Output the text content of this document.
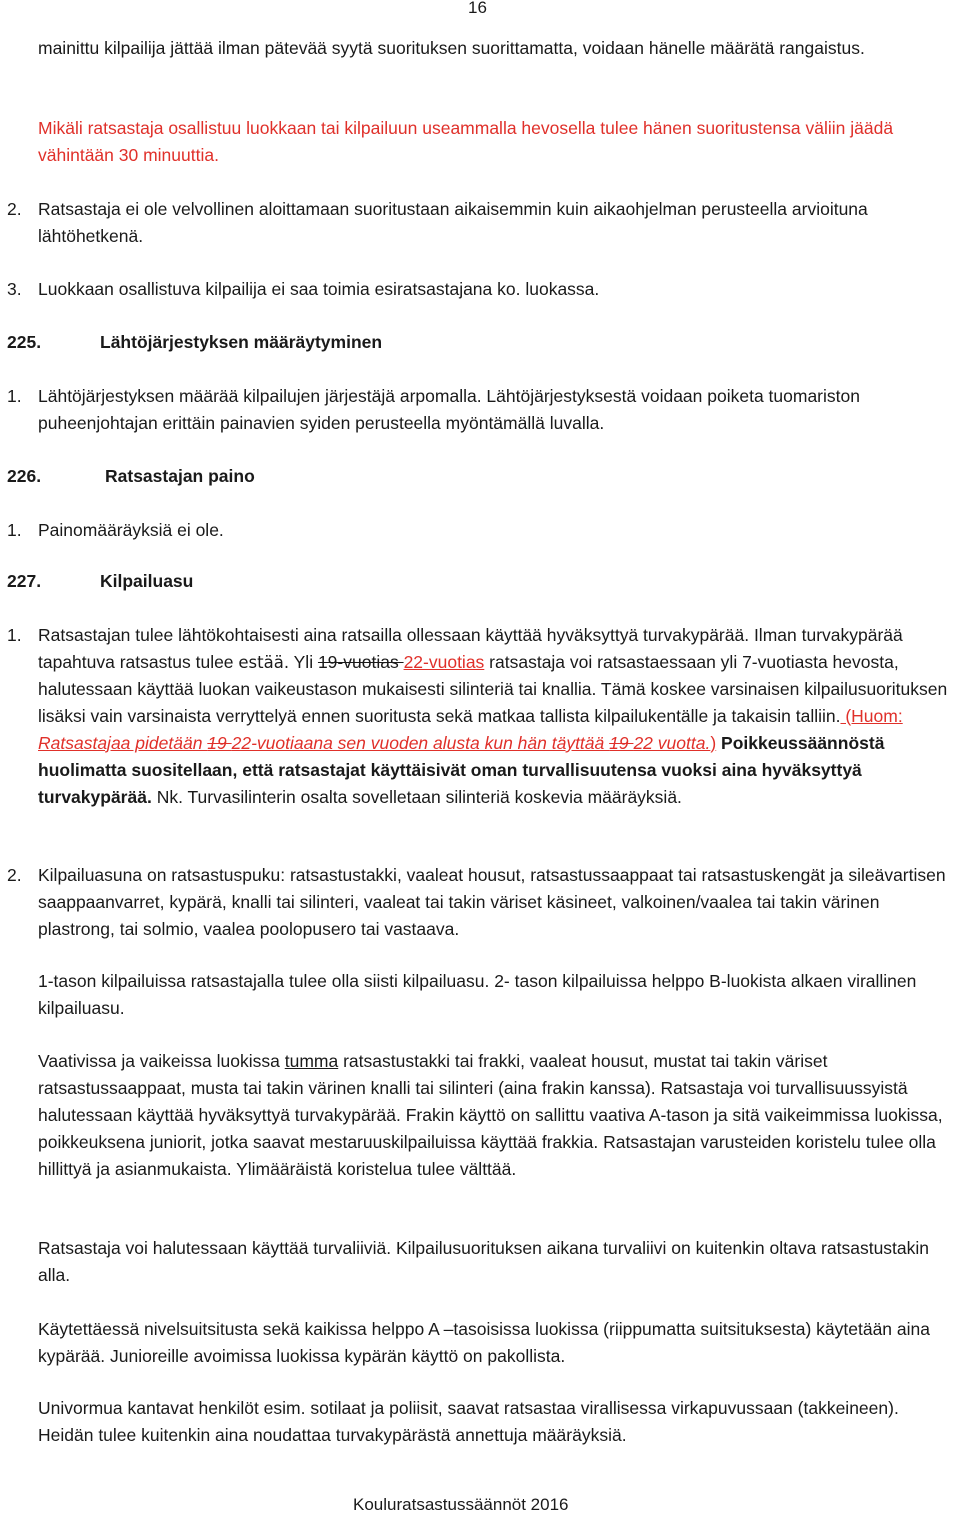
16
mainittu kilpailija jättää ilman pätevää syytä suorituksen suorittamatta, voidaan hänelle määrätä rangaistus.
Mikäli ratsastaja osallistuu luokkaan tai kilpailuun useammalla hevosella tulee hänen suoritustensa väliin jäädä vähintään 30 minuuttia.
2. Ratsastaja ei ole velvollinen aloittamaan suoritustaan aikaisemmin kuin aikaohjelman perusteella arvioituna lähtöhetkenä.
3. Luokkaan osallistuva kilpailija ei saa toimia esiratsastajana ko. luokassa.
225.	Lähtöjärjestyksen määräytyminen
1. Lähtöjärjestyksen määrää kilpailujen järjestäjä arpomalla. Lähtöjärjestyksestä voidaan poiketa tuomariston puheenjohtajan erittäin painavien syiden perusteella myöntämällä luvalla.
226.	Ratsastajan paino
1. Painomääräyksiä ei ole.
227.	Kilpailuasu
1. Ratsastajan tulee lähtökohtaisesti aina ratsailla ollessaan käyttää hyväksyttyä turvakypärää. Ilman turvakypärää tapahtuva ratsastus tulee estää. Yli 19-vuotias 22-vuotias ratsastaja voi ratsastaessaan yli 7-vuotiasta hevosta, halutessaan käyttää luokan vaikeustason mukaisesti silinteriä tai knallia. Tämä koskee varsinaisen kilpailusuorituksen lisäksi vain varsinaista verryttelyä ennen suoritusta sekä matkaa tallista kilpailukentälle ja takaisin talliin. (Huom: Ratsastajaa pidetään 19 22-vuotiaana sen vuoden alusta kun hän täyttää 19 22 vuotta.) Poikkeussäännöstä huolimatta suositellaan, että ratsastajat käyttäisivät oman turvallisuutensa vuoksi aina hyväksyttyä turvakypärää. Nk. Turvasilinterin osalta sovelletaan silinteriä koskevia määräyksiä.
2. Kilpailuasuna on ratsastuspuku: ratsastustakki, vaaleat housut, ratsastussaappaat tai ratsastuskengät ja sileävartisen saappaanvarret, kypärä, knalli tai silinteri, vaaleat tai takin väriset käsineet, valkoinen/vaalea tai takin värinen plastrong, tai solmio, vaalea poolopusero tai vastaava.
1-tason kilpailuissa ratsastajalla tulee olla siisti kilpailuasu. 2- tason kilpailuissa helppo B-luokista alkaen virallinen kilpailuasu.
Vaativissa ja vaikeissa luokissa tumma ratsastustakki tai frakki, vaaleat housut, mustat tai takin väriset ratsastussaappaat, musta tai takin värinen knalli tai silinteri (aina frakin kanssa). Ratsastaja voi turvallisuussyistä halutessaan käyttää hyväksyttyä turvakypärää. Frakin käyttö on sallittu vaativa A-tason ja sitä vaikeimmissa luokissa, poikkeuksena juniorit, jotka saavat mestaruuskilpailuissa käyttää frakkia. Ratsastajan varusteiden koristelu tulee olla hillittyä ja asianmukaista. Ylimääräistä koristelua tulee välttää.
Ratsastaja voi halutessaan käyttää turvaliiviä. Kilpailusuorituksen aikana turvaliivi on kuitenkin oltava ratsastustakin alla.
Käytettäessä nivelsuitsitusta sekä kaikissa helppo A –tasoisissa luokissa (riippumatta suitsituksesta) käytetään aina kypärää. Junioreille avoimissa luokissa kypärän käyttö on pakollista.
Univormua kantavat henkilöt esim. sotilaat ja poliisit, saavat ratsastaa virallisessa virkapuvussaan (takkeineen). Heidän tulee kuitenkin aina noudattaa turvakypärästä annettuja määräyksiä.
Kouluratsastussäännöt 2016
